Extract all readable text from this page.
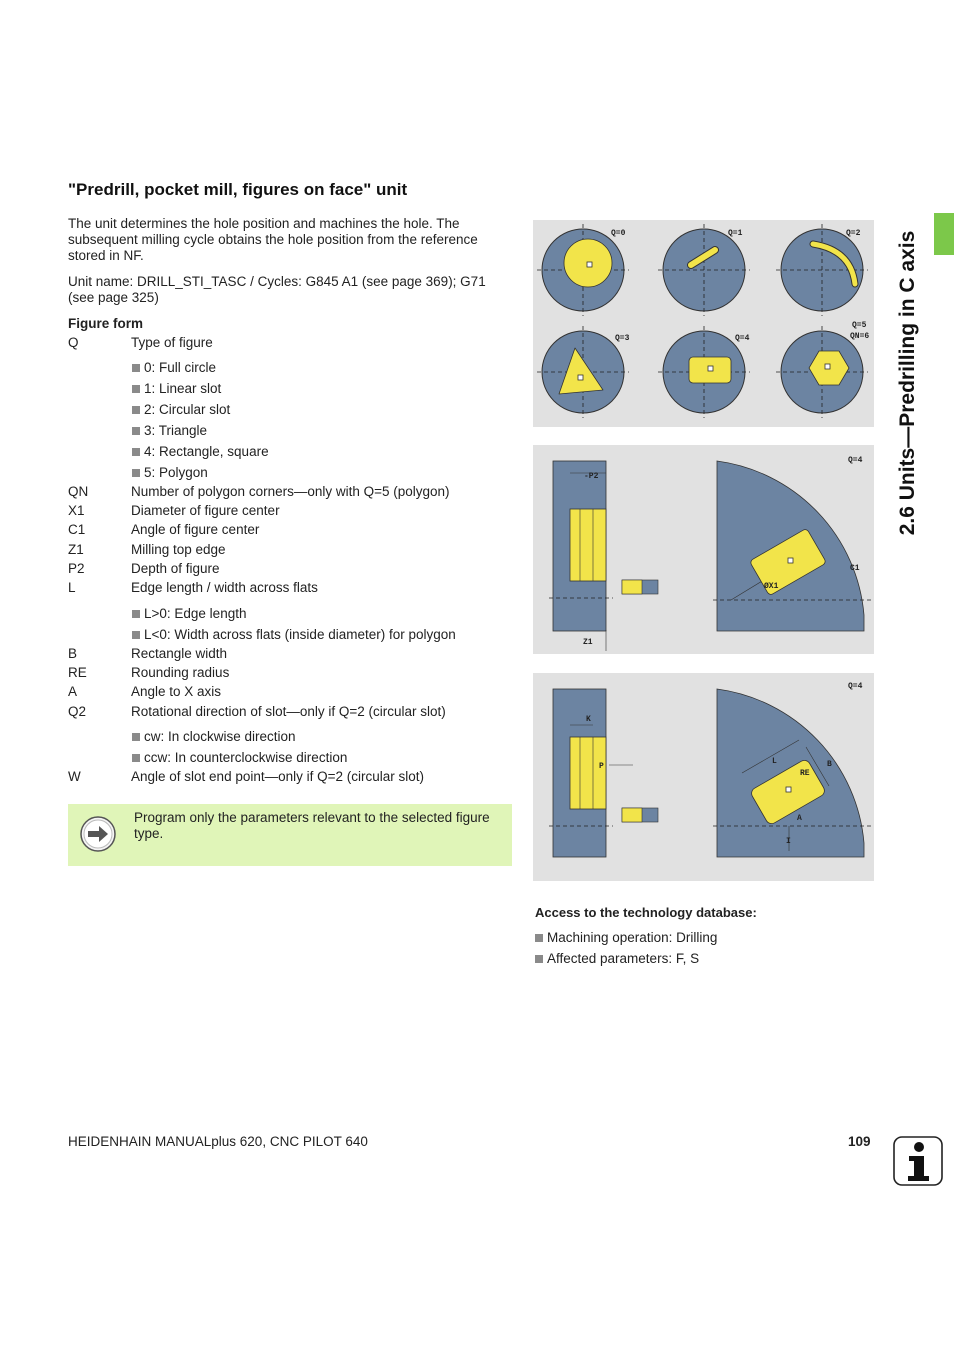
"Predrill, pocket mill, figures on face" unit

The unit determines the hole position and machines the hole. The subsequent milling cycle obtains the hole position from the reference stored in NF.

Unit name: DRILL_STI_TASC / Cycles: G845 A1 (see page 369); G71 (see page 325)

Figure form
Q	Type of figure
0: Full circle
1: Linear slot
2: Circular slot
3: Triangle
4: Rectangle, square
5: Polygon
QN	Number of polygon corners—only with Q=5 (polygon)
X1	Diameter of figure center
C1	Angle of figure center
Z1	Milling top edge
P2	Depth of figure
L	Edge length / width across flats
L>0: Edge length
L<0: Width across flats (inside diameter) for polygon
B	Rectangle width
RE	Rounding radius
A	Angle to X axis
Q2	Rotational direction of slot—only if Q=2 (circular slot)
cw: In clockwise direction
ccw: In counterclockwise direction
W	Angle of slot end point—only if Q=2 (circular slot)
Program only the parameters relevant to the selected figure type.
Q=0	Q=1	Q=2
Q=3	Q=4
Q=5
QN=6
-P2
Z1
Q=4
C1
ØX1
K
P
Q=4
L
RE
B
A
I
Access to the technology database:
Machining operation: Drilling
Affected parameters: F, S
2.6 Units—Predrilling in C axis
HEIDENHAIN MANUALplus 620, CNC PILOT 640	109
